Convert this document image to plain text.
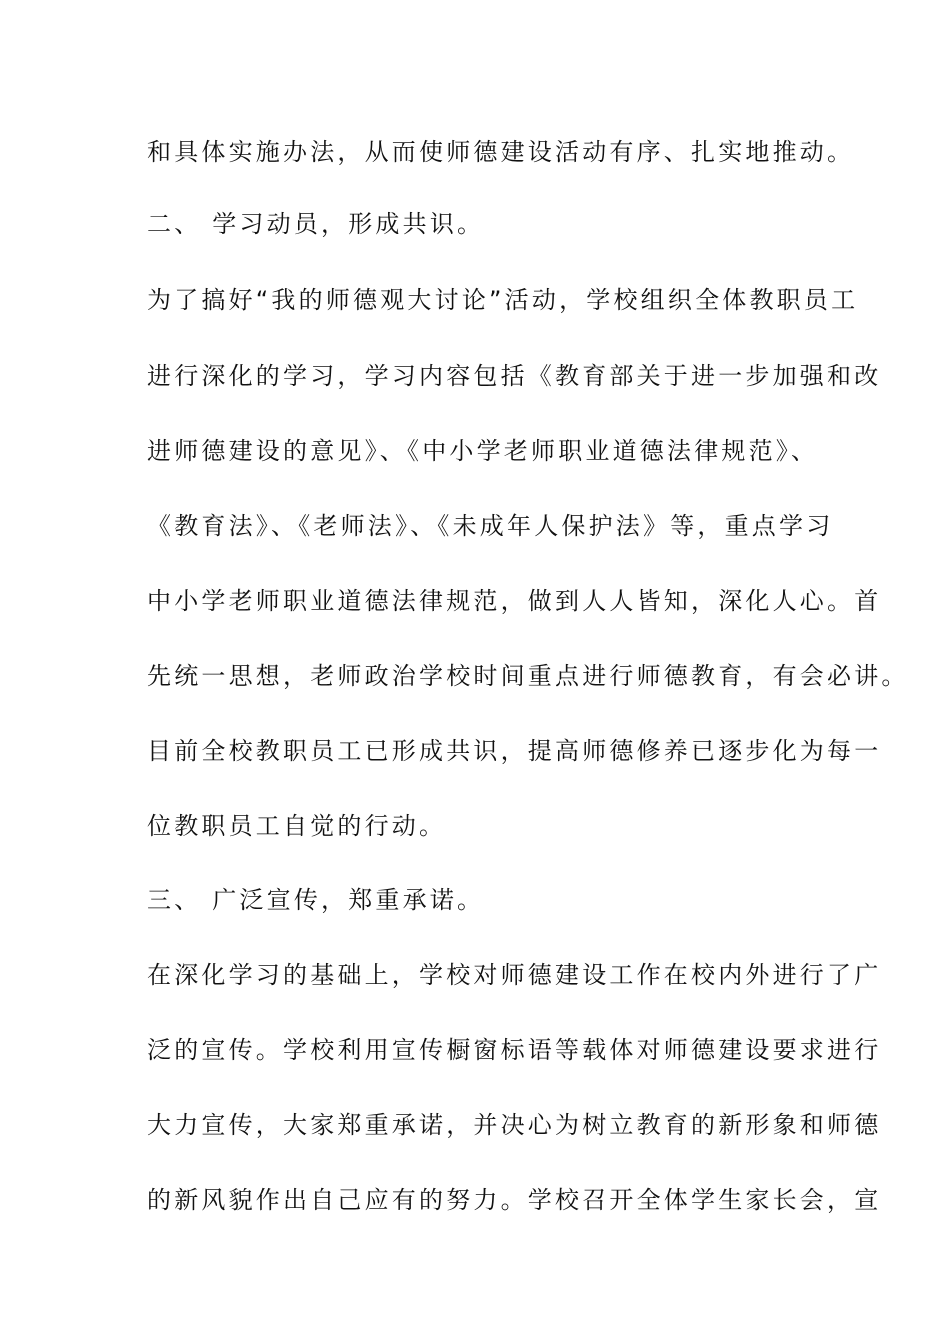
和具体实施办法，从而使师德建设活动有序、扎实地推动。
二、 学习动员，形成共识。
为了搞好“我的师德观大讨论”活动，学校组织全体教职员工
进行深化的学习，学习内容包括《教育部关于进一步加强和改
进师德建设的意见》、《中小学老师职业道德法律规范》、
《教育法》、《老师法》、《未成年人保护法》等，重点学习
中小学老师职业道德法律规范，做到人人皆知，深化人心。首
先统一思想，老师政治学校时间重点进行师德教育，有会必讲。
目前全校教职员工已形成共识，提高师德修养已逐步化为每一
位教职员工自觉的行动。
三、 广泛宣传，郑重承诺。
在深化学习的基础上，学校对师德建设工作在校内外进行了广
泛的宣传。学校利用宣传橱窗标语等载体对师德建设要求进行
大力宣传，大家郑重承诺，并决心为树立教育的新形象和师德
的新风貌作出自己应有的努力。学校召开全体学生家长会，宣
